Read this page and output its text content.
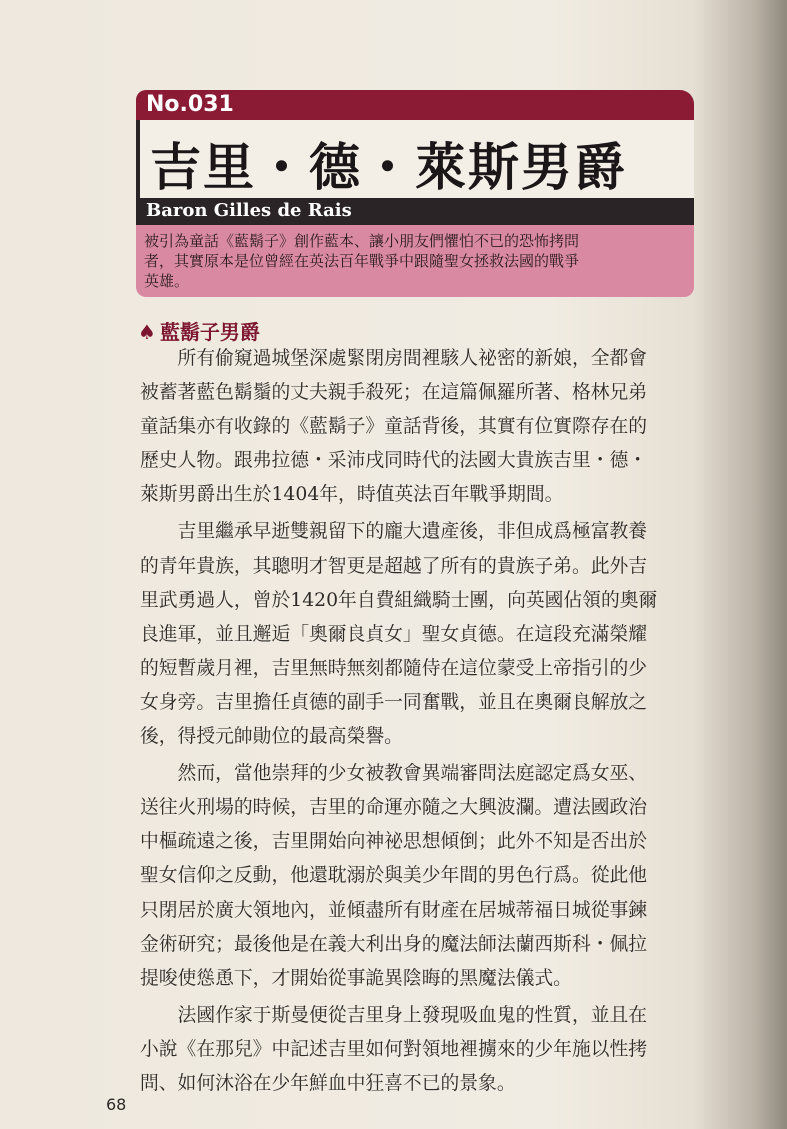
No.031
吉里・德・萊斯男爵
Baron Gilles de Rais
被引為童話《藍鬍子》創作藍本、讓小朋友們懼怕不已的恐怖拷問
者，其實原本是位曾經在英法百年戰爭中跟隨聖女拯救法國的戰爭
英雄。
♠ 藍鬍子男爵
　　所有偷窺過城堡深處緊閉房間裡駭人祕密的新娘，全都會
被蓄著藍色鬍鬚的丈夫親手殺死；在這篇佩羅所著、格林兄弟
童話集亦有收錄的《藍鬍子》童話背後，其實有位實際存在的
歷史人物。跟弗拉德・采沛戌同時代的法國大貴族吉里・德・
萊斯男爵出生於1404年，時值英法百年戰爭期間。
　　吉里繼承早逝雙親留下的龐大遺產後，非但成爲極富教養
的青年貴族，其聰明才智更是超越了所有的貴族子弟。此外吉
里武勇過人，曾於1420年自費組織騎士團，向英國佔領的奧爾
良進軍，並且邂逅「奧爾良貞女」聖女貞德。在這段充滿榮耀
的短暫歲月裡，吉里無時無刻都隨侍在這位蒙受上帝指引的少
女身旁。吉里擔任貞德的副手一同奮戰，並且在奧爾良解放之
後，得授元帥勛位的最高榮譽。
　　然而，當他崇拜的少女被教會異端審問法庭認定爲女巫、
送往火刑場的時候，吉里的命運亦隨之大興波瀾。遭法國政治
中樞疏遠之後，吉里開始向神祕思想傾倒；此外不知是否出於
聖女信仰之反動，他還耽溺於與美少年間的男色行爲。從此他
只閉居於廣大領地內，並傾盡所有財產在居城蒂福日城從事鍊
金術研究；最後他是在義大利出身的魔法師法蘭西斯科・佩拉
提唆使慫恿下，才開始從事詭異陰晦的黑魔法儀式。
　　法國作家于斯曼便從吉里身上發現吸血鬼的性質，並且在
小說《在那兒》中記述吉里如何對領地裡擄來的少年施以性拷
問、如何沐浴在少年鮮血中狂喜不已的景象。
68
